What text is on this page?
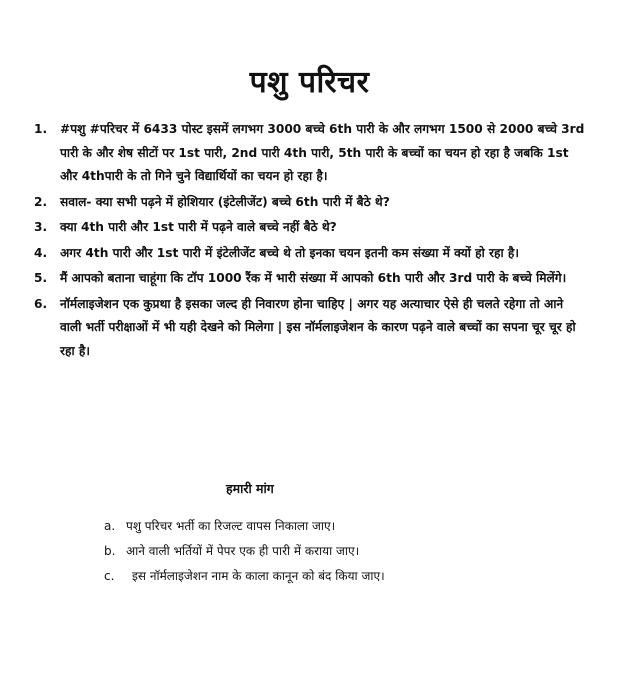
पशु परिचर
1. #पशु #परिचर में 6433 पोस्ट इसमें लगभग 3000 बच्चे 6th पारी के और लगभग 1500 से 2000 बच्चे 3rd पारी के और शेष सीटों पर 1st पारी, 2nd पारी 4th पारी, 5th पारी के बच्चों का चयन हो रहा है जबकि 1st और 4thपारी के तो गिने चुने विद्यार्थियों का चयन हो रहा है।
2. सवाल- क्या सभी पढ़ने में होशियार (इंटेलीजेंट) बच्चे 6th पारी में बैठे थे?
3. क्या 4th पारी और 1st पारी में पढ़ने वाले बच्चे नहीं बैठे थे?
4. अगर 4th पारी और 1st पारी में इंटेलीजेंट बच्चे थे तो इनका चयन इतनी कम संख्या में क्यों हो रहा है।
5. मैं आपको बताना चाहूंगा कि टॉप 1000 रैंक में भारी संख्या में आपको 6th पारी और 3rd पारी के बच्चे मिलेंगे।
6. नॉर्मलाइजेशन एक कुप्रथा है इसका जल्द ही निवारण होना चाहिए | अगर यह अत्याचार ऐसे ही चलते रहेगा तो आने वाली भर्ती परीक्षाओं में भी यही देखने को मिलेगा | इस नॉर्मलाइजेशन के कारण पढ़ने वाले बच्चों का सपना चूर चूर हो रहा है।
हमारी मांग
a. पशु परिचर भर्ती का रिजल्ट वापस निकाला जाए।
b. आने वाली भर्तियों में पेपर एक ही पारी में कराया जाए।
c. इस नॉर्मलाइजेशन नाम के काला कानून को बंद किया जाए।
